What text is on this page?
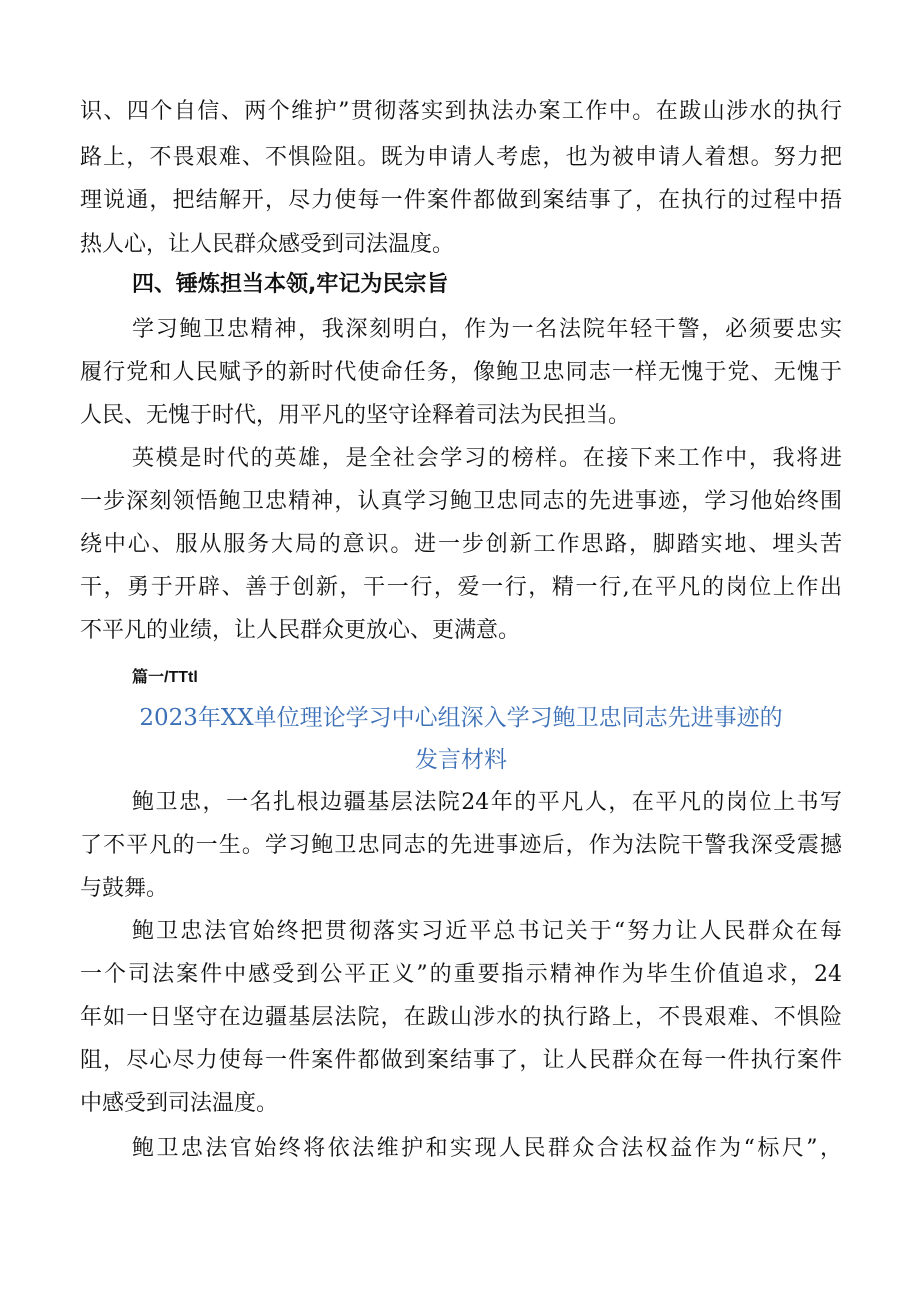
识、四个自信、两个维护”贯彻落实到执法办案工作中。在跋山涉水的执行
路上，不畏艰难、不惧险阻。既为申请人考虑，也为被申请人着想。努力把
理说通，把结解开，尽力使每一件案件都做到案结事了，在执行的过程中捂
热人心，让人民群众感受到司法温度。
四、锤炼担当本领,牢记为民宗旨
学习鲍卫忠精神，我深刻明白，作为一名法院年轻干警，必须要忠实
履行党和人民赋予的新时代使命任务，像鲍卫忠同志一样无愧于党、无愧于
人民、无愧于时代，用平凡的坚守诠释着司法为民担当。
英模是时代的英雄，是全社会学习的榜样。在接下来工作中，我将进
一步深刻领悟鲍卫忠精神，认真学习鲍卫忠同志的先进事迹，学习他始终围
绕中心、服从服务大局的意识。进一步创新工作思路，脚踏实地、埋头苦
干，勇于开辟、善于创新，干一行，爱一行，精一行,在平凡的岗位上作出
不平凡的业绩，让人民群众更放心、更满意。
篇一/TTtl
2023年XX单位理论学习中心组深入学习鲍卫忠同志先进事迹的
发言材料
鲍卫忠，一名扎根边疆基层法院24年的平凡人，在平凡的岗位上书写
了不平凡的一生。学习鲍卫忠同志的先进事迹后，作为法院干警我深受震撼
与鼓舞。
鲍卫忠法官始终把贯彻落实习近平总书记关于“努力让人民群众在每
一个司法案件中感受到公平正义”的重要指示精神作为毕生价值追求，24
年如一日坚守在边疆基层法院，在跋山涉水的执行路上，不畏艰难、不惧险
阻，尽心尽力使每一件案件都做到案结事了，让人民群众在每一件执行案件
中感受到司法温度。
鲍卫忠法官始终将依法维护和实现人民群众合法权益作为“标尺”，
